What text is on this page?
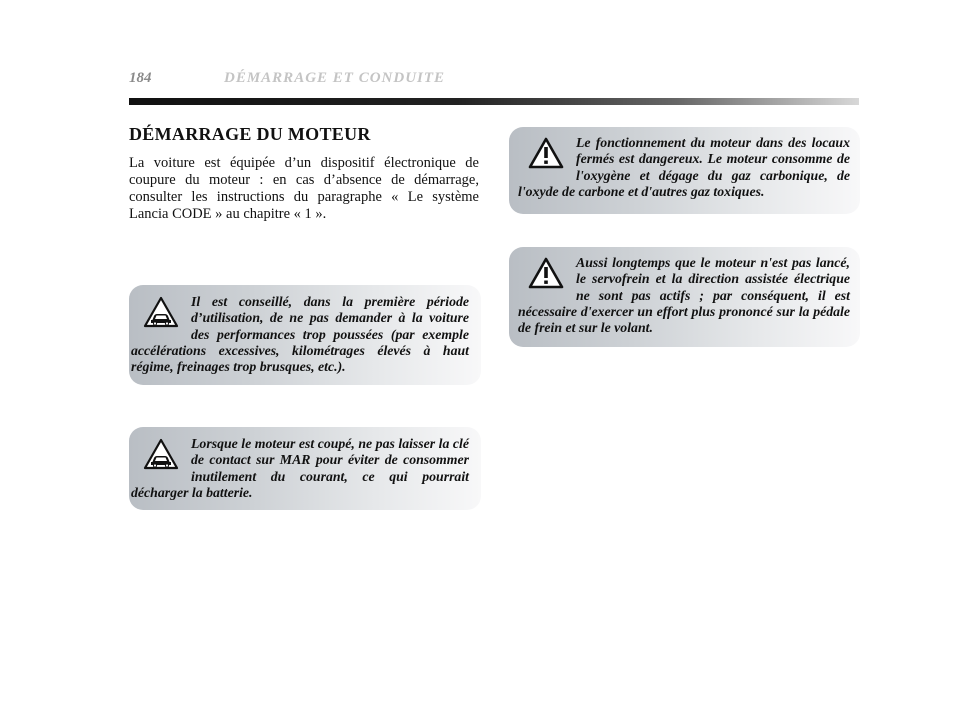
184	DÉMARRAGE ET CONDUITE
DÉMARRAGE DU MOTEUR
La voiture est équipée d’un dispositif électronique de coupure du moteur : en cas d’absence de démarrage, consulter les instructions du paragraphe « Le système Lancia CODE » au chapitre « 1 ».
Il est conseillé, dans la première période d’utilisation, de ne pas demander à la voiture des performances trop poussées (par exemple accélérations excessives, kilométrages élevés à haut régime, freinages trop brusques, etc.).
Lorsque le moteur est coupé, ne pas laisser la clé de contact sur MAR pour éviter de consommer inutilement du courant, ce qui pourrait décharger la batterie.
Le fonctionnement du moteur dans des locaux fermés est dangereux. Le moteur consomme de l'oxygène et dégage du gaz carbonique, de l'oxyde de carbone et d'autres gaz toxiques.
Aussi longtemps que le moteur n'est pas lancé, le servofrein et la direction assistée électrique ne sont pas actifs ; par conséquent, il est nécessaire d'exercer un effort plus prononcé sur la pédale de frein et sur le volant.
